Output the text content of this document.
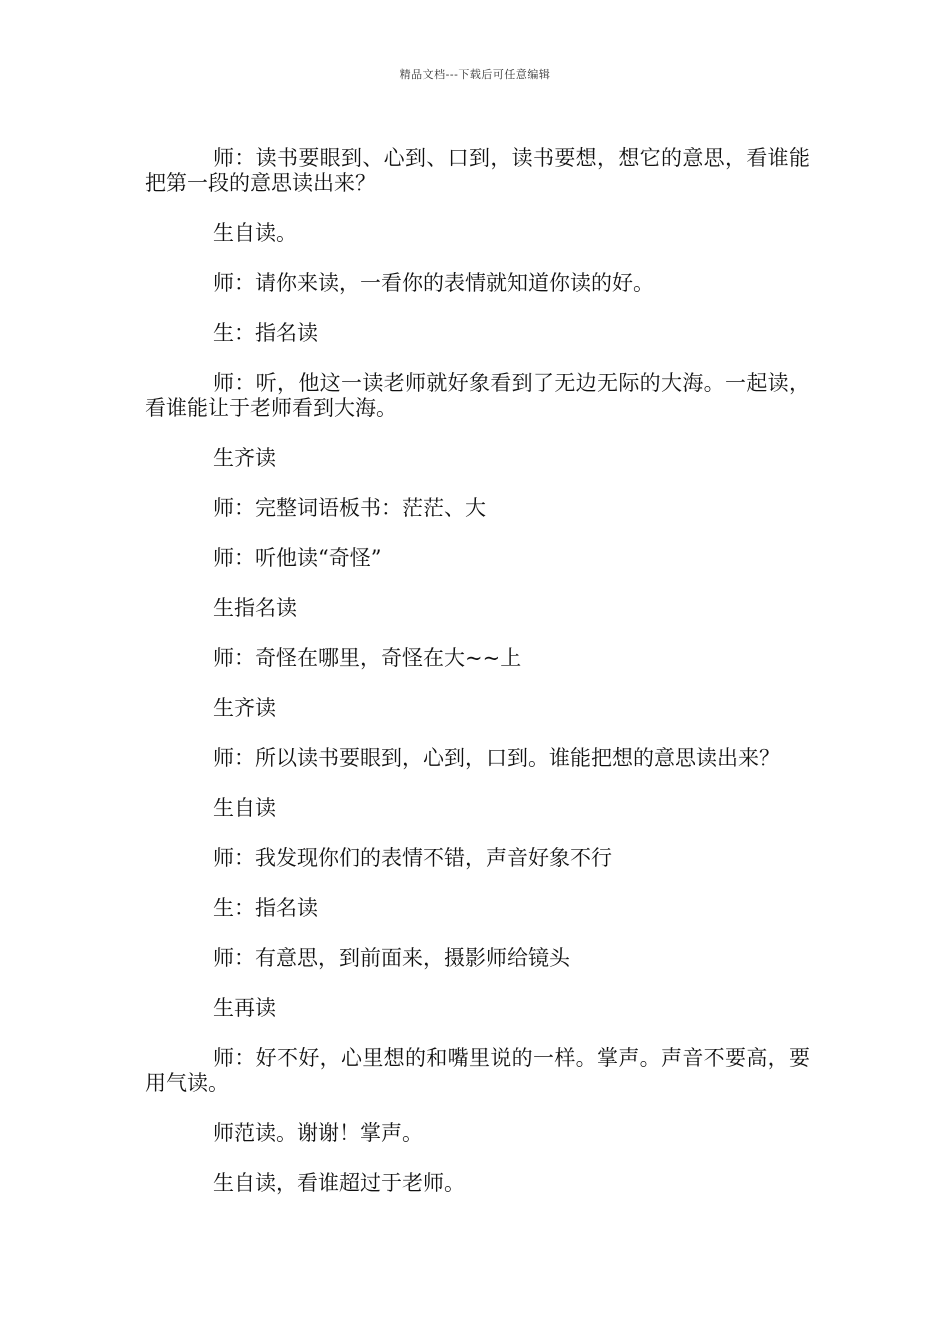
精品文档---下载后可任意编辑

师：读书要眼到、心到、口到，读书要想，想它的意思，看谁能把第一段的意思读出来？

生自读。

师：请你来读，一看你的表情就知道你读的好。

生：指名读

师：听，他这一读老师就好象看到了无边无际的大海。一起读，看谁能让于老师看到大海。

生齐读

师：完整词语板书：茫茫、大

师：听他读“奇怪”

生指名读

师：奇怪在哪里，奇怪在大~~上

生齐读

师：所以读书要眼到，心到，口到。谁能把想的意思读出来？

生自读

师：我发现你们的表情不错，声音好象不行

生：指名读

师：有意思，到前面来，摄影师给镜头

生再读

师：好不好，心里想的和嘴里说的一样。掌声。声音不要高，要用气读。

师范读。谢谢！掌声。

生自读，看谁超过于老师。
